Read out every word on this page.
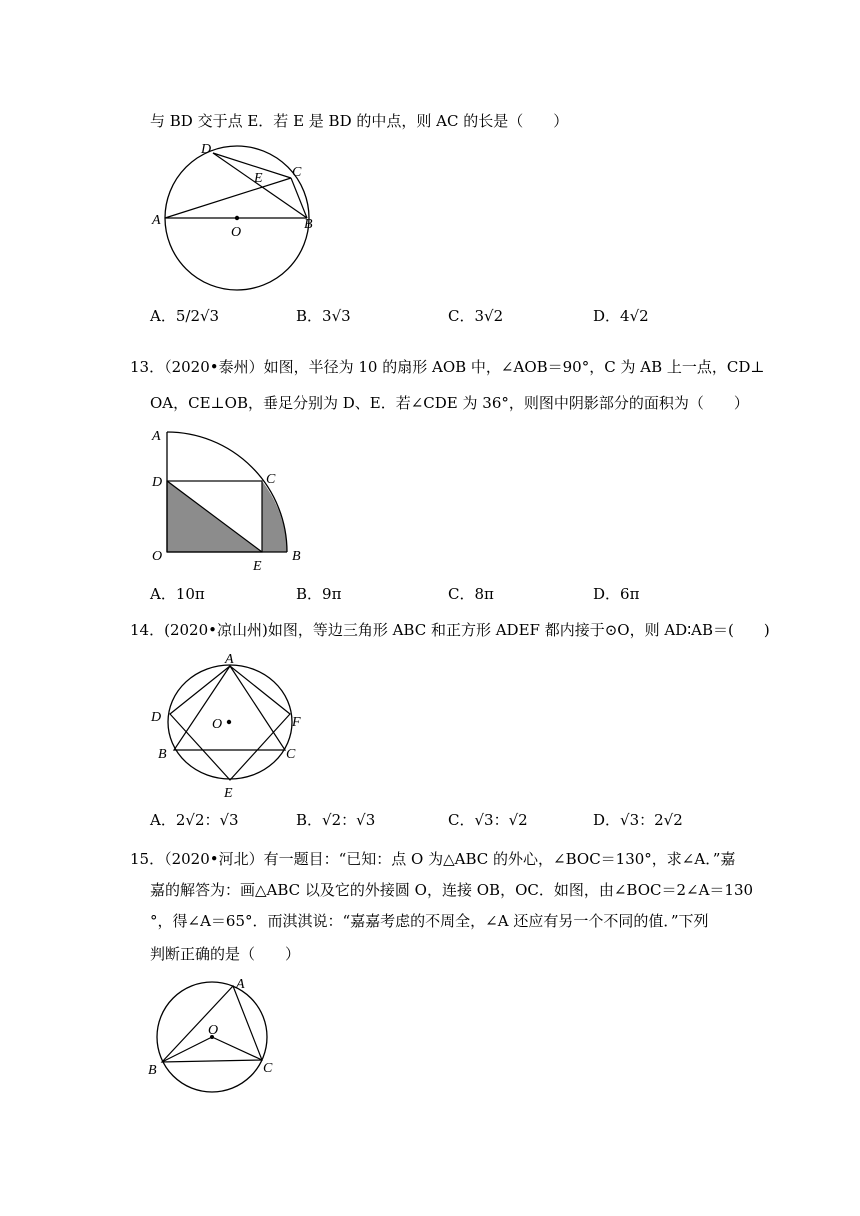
与 BD 交于点 E．若 E 是 BD 的中点，则 AC 的长是（　　）
A	B
C
D
E
O
A．5/2√3	B．3√3	C．3√2	D．4√2
13．（2020•泰州）如图，半径为 10 的扇形 AOB 中，∠AOB＝90°，C 为 AB 上一点，CD⊥
OA，CE⊥OB，垂足分别为 D、E．若∠CDE 为 36°，则图中阴影部分的面积为（　　）
A
D	C
O
E
B
A．10π	B．9π	C．8π	D．6π
14．(2020•凉山州)如图，等边三角形 ABC 和正方形 ADEF 都内接于⊙O，则 AD∶AB＝(　　)
A
D	F
O
B	C
E
A．2√2：√3	B．√2：√3	C．√3：√2	D．√3：2√2
15．（2020•河北）有一题目：“已知：点 O 为△ABC 的外心，∠BOC＝130°，求∠A．”嘉
嘉的解答为：画△ABC 以及它的外接圆 O，连接 OB，OC．如图，由∠BOC＝2∠A＝130
°，得∠A＝65°．而淇淇说：“嘉嘉考虑的不周全，∠A 还应有另一个不同的值．”下列
判断正确的是（　　）
A
O
B	C
